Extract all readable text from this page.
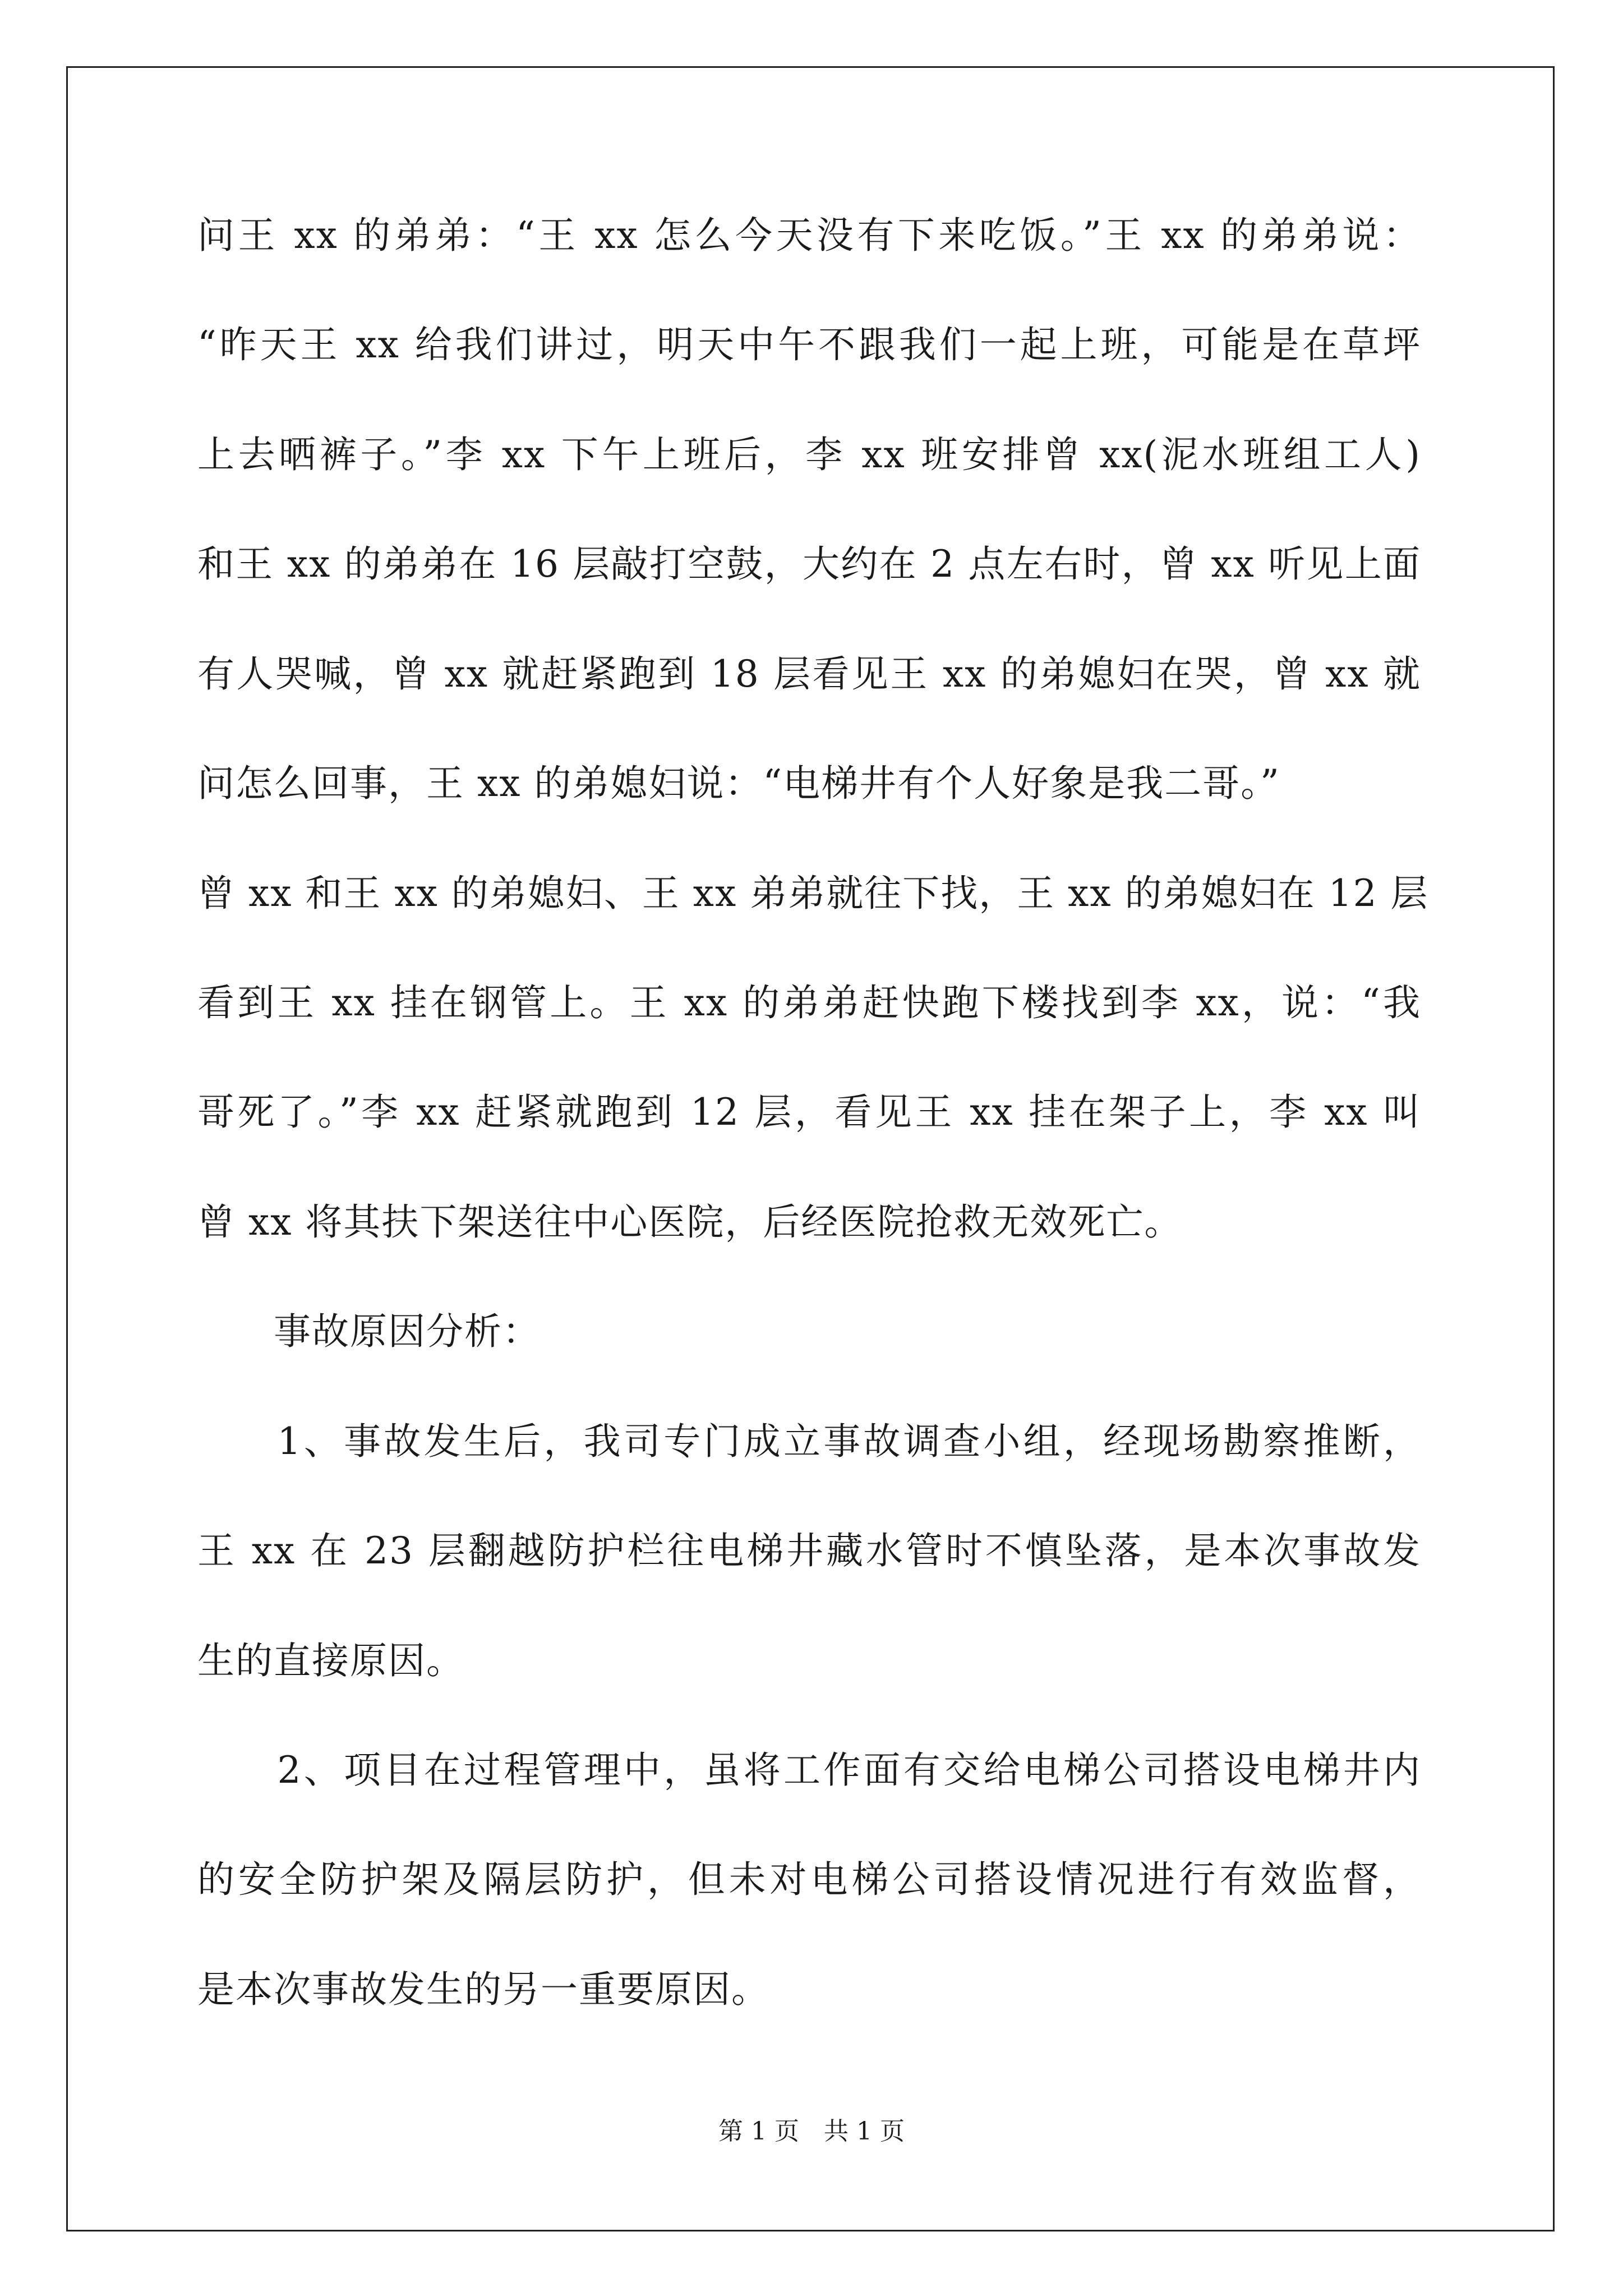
问王 xx 的弟弟：“王 xx 怎么今天没有下来吃饭。”王 xx 的弟弟说：
“昨天王 xx 给我们讲过，明天中午不跟我们一起上班，可能是在草坪
上去晒裤子。”李 xx 下午上班后，李 xx 班安排曾 xx(泥水班组工人)
和王 xx 的弟弟在 16 层敲打空鼓，大约在 2 点左右时，曾 xx 听见上面
有人哭喊，曾 xx 就赶紧跑到 18 层看见王 xx 的弟媳妇在哭，曾 xx 就
问怎么回事，王 xx 的弟媳妇说：“电梯井有个人好象是我二哥。”
曾 xx 和王 xx 的弟媳妇、王 xx 弟弟就往下找，王 xx 的弟媳妇在 12 层
看到王 xx 挂在钢管上。王 xx 的弟弟赶快跑下楼找到李 xx，说：“我
哥死了。”李 xx 赶紧就跑到 12 层，看见王 xx 挂在架子上，李 xx 叫
曾 xx 将其扶下架送往中心医院，后经医院抢救无效死亡。
　　事故原因分析：
　　1、事故发生后，我司专门成立事故调查小组，经现场勘察推断，
王 xx 在 23 层翻越防护栏往电梯井藏水管时不慎坠落，是本次事故发
生的直接原因。
　　2、项目在过程管理中，虽将工作面有交给电梯公司搭设电梯井内
的安全防护架及隔层防护，但未对电梯公司搭设情况进行有效监督，
是本次事故发生的另一重要原因。
第 1 页　共 1 页
